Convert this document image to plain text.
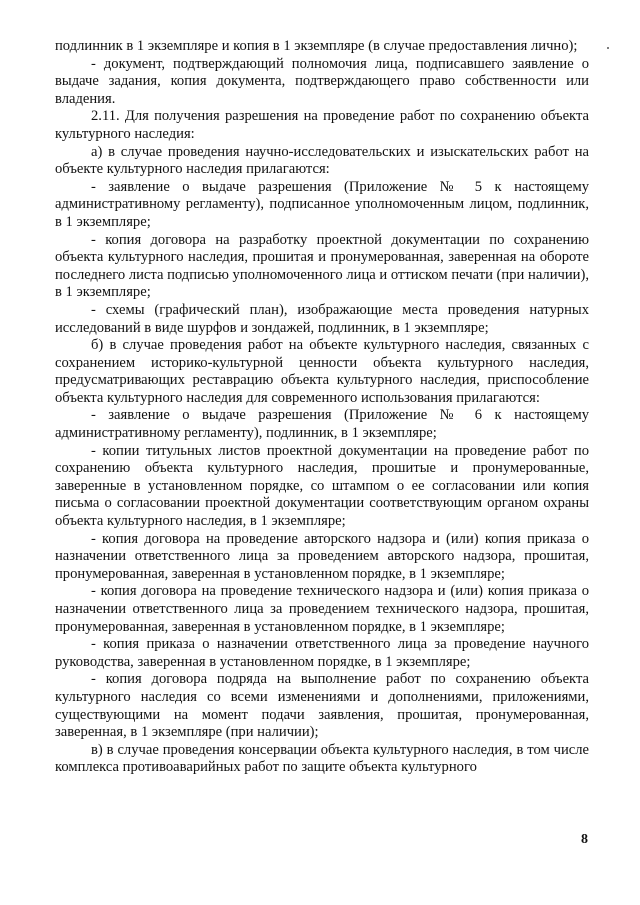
подлинник в 1 экземпляре и копия в 1 экземпляре (в случае предоставления лично);

- документ, подтверждающий полномочия лица, подписавшего заявление о выдаче задания, копия документа, подтверждающего право собственности или владения.

2.11. Для получения разрешения на проведение работ по сохранению объекта культурного наследия:

а) в случае проведения научно-исследовательских и изыскательских работ на объекте культурного наследия прилагаются:

- заявление о выдаче разрешения (Приложение № 5 к настоящему административному регламенту), подписанное уполномоченным лицом, подлинник, в 1 экземпляре;

- копия договора на разработку проектной документации по сохранению объекта культурного наследия, прошитая и пронумерованная, заверенная на обороте последнего листа подписью уполномоченного лица и оттиском печати (при наличии), в 1 экземпляре;

- схемы (графический план), изображающие места проведения натурных исследований в виде шурфов и зондажей, подлинник, в 1 экземпляре;

б) в случае проведения работ на объекте культурного наследия, связанных с сохранением историко-культурной ценности объекта культурного наследия, предусматривающих реставрацию объекта культурного наследия, приспособление объекта культурного наследия для современного использования прилагаются:

- заявление о выдаче разрешения (Приложение № 6 к настоящему административному регламенту), подлинник, в 1 экземпляре;

- копии титульных листов проектной документации на проведение работ по сохранению объекта культурного наследия, прошитые и пронумерованные, заверенные в установленном порядке, со штампом о ее согласовании или копия письма о согласовании проектной документации соответствующим органом охраны объекта культурного наследия, в 1 экземпляре;

- копия договора на проведение авторского надзора и (или) копия приказа о назначении ответственного лица за проведением авторского надзора, прошитая, пронумерованная, заверенная в установленном порядке, в 1 экземпляре;

- копия договора на проведение технического надзора и (или) копия приказа о назначении ответственного лица за проведением технического надзора, прошитая, пронумерованная, заверенная в установленном порядке, в 1 экземпляре;

- копия приказа о назначении ответственного лица за проведение научного руководства, заверенная в установленном порядке, в 1 экземпляре;

- копия договора подряда на выполнение работ по сохранению объекта культурного наследия со всеми изменениями и дополнениями, приложениями, существующими на момент подачи заявления, прошитая, пронумерованная, заверенная, в 1 экземпляре (при наличии);

в) в случае проведения консервации объекта культурного наследия, в том числе комплекса противоаварийных работ по защите объекта культурного

8
